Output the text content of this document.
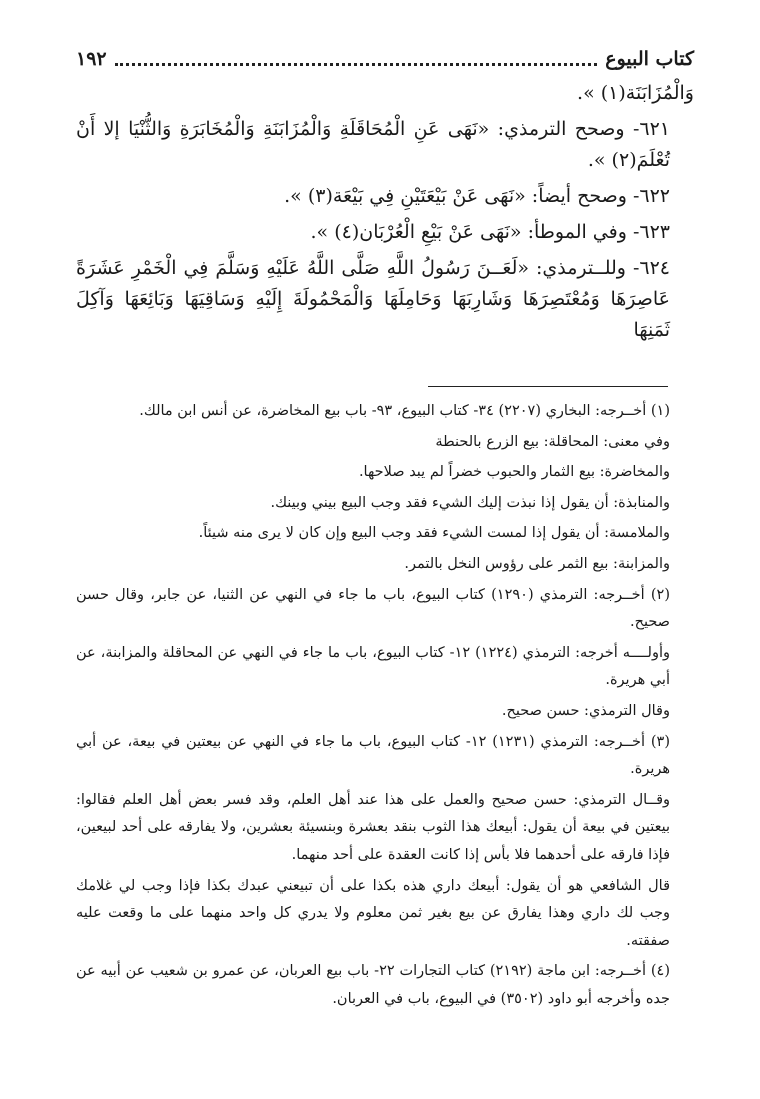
كتاب البيوع
١٩٢

وَالْمُزَابَنَة(١) ».

٦٢١- وصحح الترمذي: «نَهَى عَنِ الْمُحَاقَلَةِ وَالْمُزَابَنَةِ وَالْمُخَابَرَةِ وَالثُّنْيَا إلا أَنْ تُعْلَمَ(٢) ».

٦٢٢- وصحح أيضاً: «نَهَى عَنْ بَيْعَتَيْنِ فِي بَيْعَة(٣) ».

٦٢٣- وفي الموطأ: «نَهَى عَنْ بَيْعِ الْعُرْبَان(٤) ».

٦٢٤- وللــترمذي: «لَعَــنَ رَسُولُ اللَّهِ صَلَّى اللَّهُ عَلَيْهِ وَسَلَّمَ فِي الْخَمْرِ عَشَرَةً عَاصِرَهَا وَمُعْتَصِرَهَا وَشَارِبَهَا وَحَامِلَهَا وَالْمَحْمُولَةَ إِلَيْهِ وَسَاقِيَهَا وَبَائِعَهَا وَآكِلَ ثَمَنِهَا

(١) أخــرجه: البخاري (٢٢٠٧) ٣٤- كتاب البيوع، ٩٣- باب بيع المخاضرة، عن أنس ابن مالك.

وفي معنى: المحاقلة: بيع الزرع بالحنطة

والمخاضرة: بيع الثمار والحبوب خضراً لم يبد صلاحها.

والمنابذة: أن يقول إذا نبذت إليك الشيء فقد وجب البيع بيني وبينك.

والملامسة: أن يقول إذا لمست الشيء فقد وجب البيع وإن كان لا يرى منه شيئاً.

والمزابنة: بيع الثمر على رؤوس النخل بالتمر.

(٢) أخــرجه: الترمذي (١٢٩٠) كتاب البيوع، باب ما جاء في النهي عن الثنيا، عن جابر، وقال حسن صحيح.

وأولــــه أخرجه: الترمذي (١٢٢٤) ١٢- كتاب البيوع، باب ما جاء في النهي عن المحاقلة والمزابنة، عن أبي هريرة.

وقال الترمذي: حسن صحيح.

(٣) أخــرجه: الترمذي (١٢٣١) ١٢- كتاب البيوع، باب ما جاء في النهي عن بيعتين في بيعة، عن أبي هريرة.

وقــال الترمذي: حسن صحيح والعمل على هذا عند أهل العلم، وقد فسر بعض أهل العلم فقالوا: بيعتين في بيعة أن يقول: أبيعك هذا الثوب بنقد بعشرة وبنسيئة بعشرين، ولا يفارقه على أحد لبيعين، فإذا فارقه على أحدهما فلا بأس إذا كانت العقدة على أحد منهما.

قال الشافعي هو أن يقول: أبيعك داري هذه بكذا على أن تبيعني عبدك بكذا فإذا وجب لي غلامك وجب لك داري وهذا يفارق عن بيع بغير ثمن معلوم ولا يدري كل واحد منهما على ما وقعت عليه صفقته.

(٤) أخــرجه: ابن ماجة (٢١٩٢) كتاب التجارات ٢٢- باب بيع العربان، عن عمرو بن شعيب عن أبيه عن جده وأخرجه أبو داود (٣٥٠٢) في البيوع، باب في العربان.
